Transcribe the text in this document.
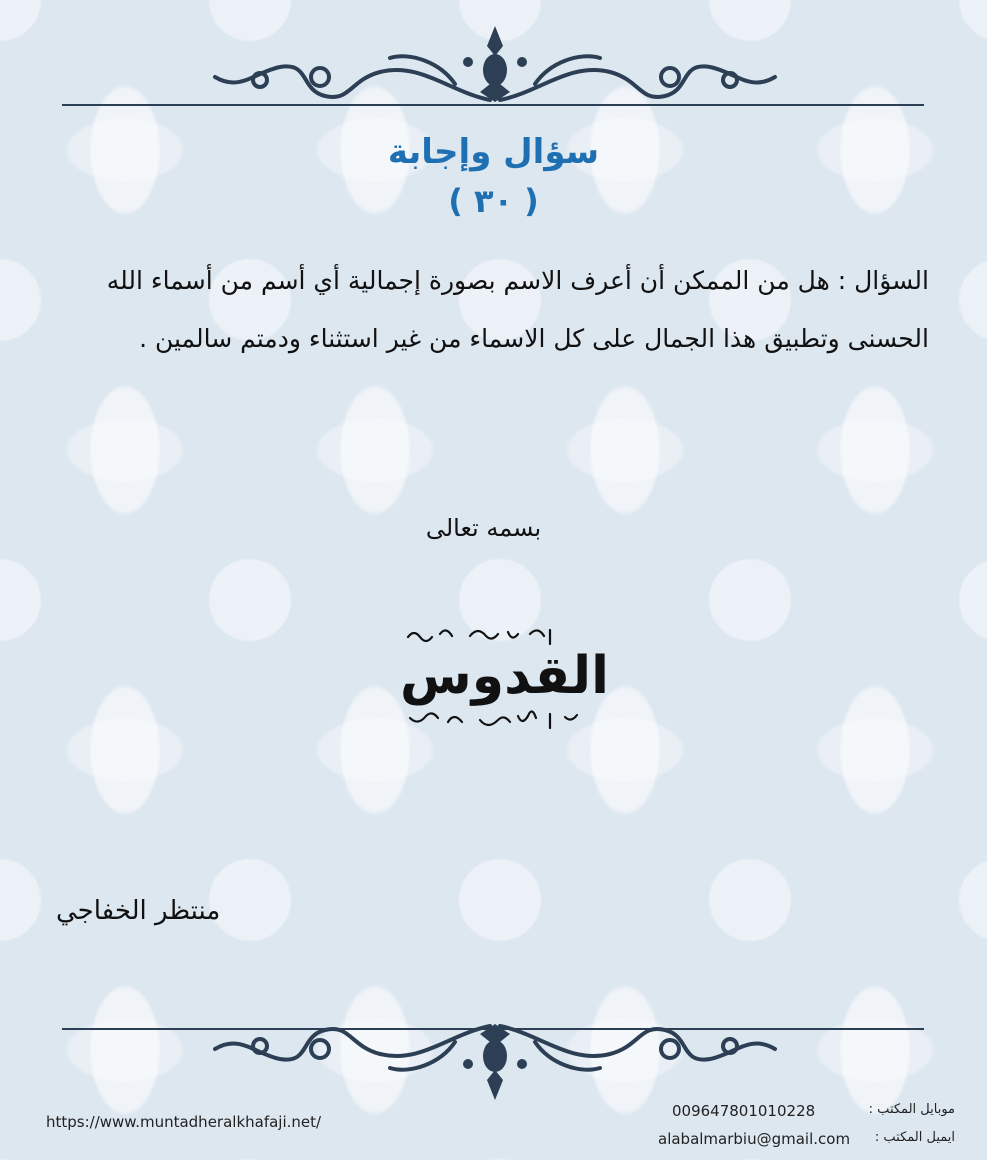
سؤال وإجابة
( ٣٠ )
السؤال : هل من الممكن أن أعرف الاسم بصورة إجمالية أي أسم من أسماء الله الحسنى وتطبيق هذا الجمال على كل الاسماء من غير استثناء ودمتم سالمين .
بسمه تعالى
القدوس
منتظر الخفاجي
https://www.muntadheralkhafaji.net/
009647801010228	موبايل المكتب :
alabalmarbiu@gmail.com ايميل المكتب :
